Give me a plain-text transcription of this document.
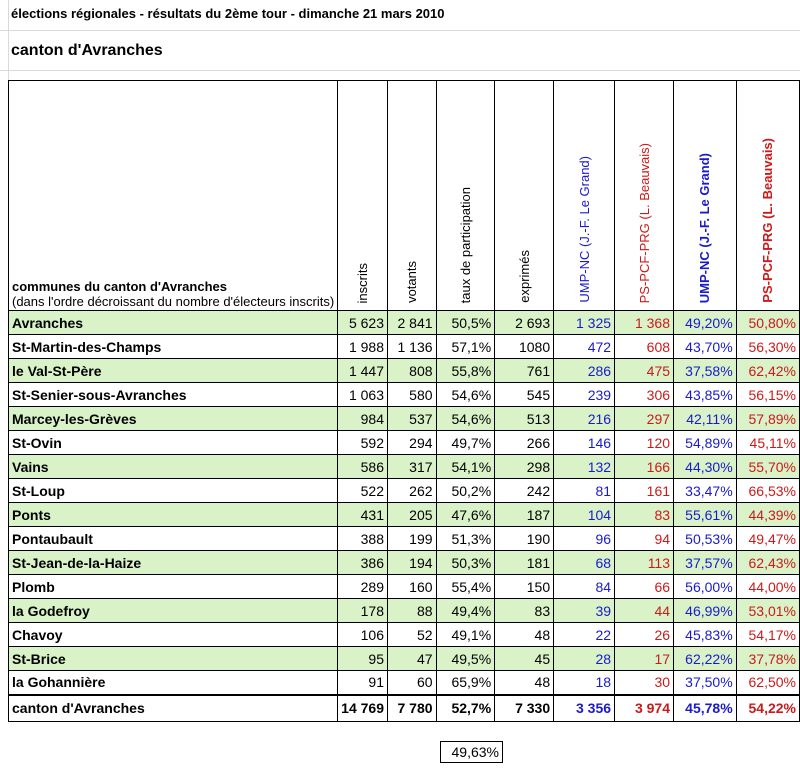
élections régionales - résultats du 2ème tour - dimanche 21 mars 2010
canton d'Avranches
communes du canton d'Avranches
(dans l'ordre décroissant du nombre d'électeurs inscrits)	inscrits	votants	taux de participation	exprimés	UMP-NC (J.-F. Le Grand)	PS-PCF-PRG (L. Beauvais)	UMP-NC (J.-F. Le Grand)	PS-PCF-PRG (L. Beauvais)
Avranches	5 623	2 841	50,5%	2 693	1 325	1 368	49,20%	50,80%
St-Martin-des-Champs	1 988	1 136	57,1%	1080	472	608	43,70%	56,30%
le Val-St-Père	1 447	808	55,8%	761	286	475	37,58%	62,42%
St-Senier-sous-Avranches	1 063	580	54,6%	545	239	306	43,85%	56,15%
Marcey-les-Grèves	984	537	54,6%	513	216	297	42,11%	57,89%
St-Ovin	592	294	49,7%	266	146	120	54,89%	45,11%
Vains	586	317	54,1%	298	132	166	44,30%	55,70%
St-Loup	522	262	50,2%	242	81	161	33,47%	66,53%
Ponts	431	205	47,6%	187	104	83	55,61%	44,39%
Pontaubault	388	199	51,3%	190	96	94	50,53%	49,47%
St-Jean-de-la-Haize	386	194	50,3%	181	68	113	37,57%	62,43%
Plomb	289	160	55,4%	150	84	66	56,00%	44,00%
la Godefroy	178	88	49,4%	83	39	44	46,99%	53,01%
Chavoy	106	52	49,1%	48	22	26	45,83%	54,17%
St-Brice	95	47	49,5%	45	28	17	62,22%	37,78%
la Gohannière	91	60	65,9%	48	18	30	37,50%	62,50%
canton d'Avranches	14 769	7 780	52,7%	7 330	3 356	3 974	45,78%	54,22%
49,63%
